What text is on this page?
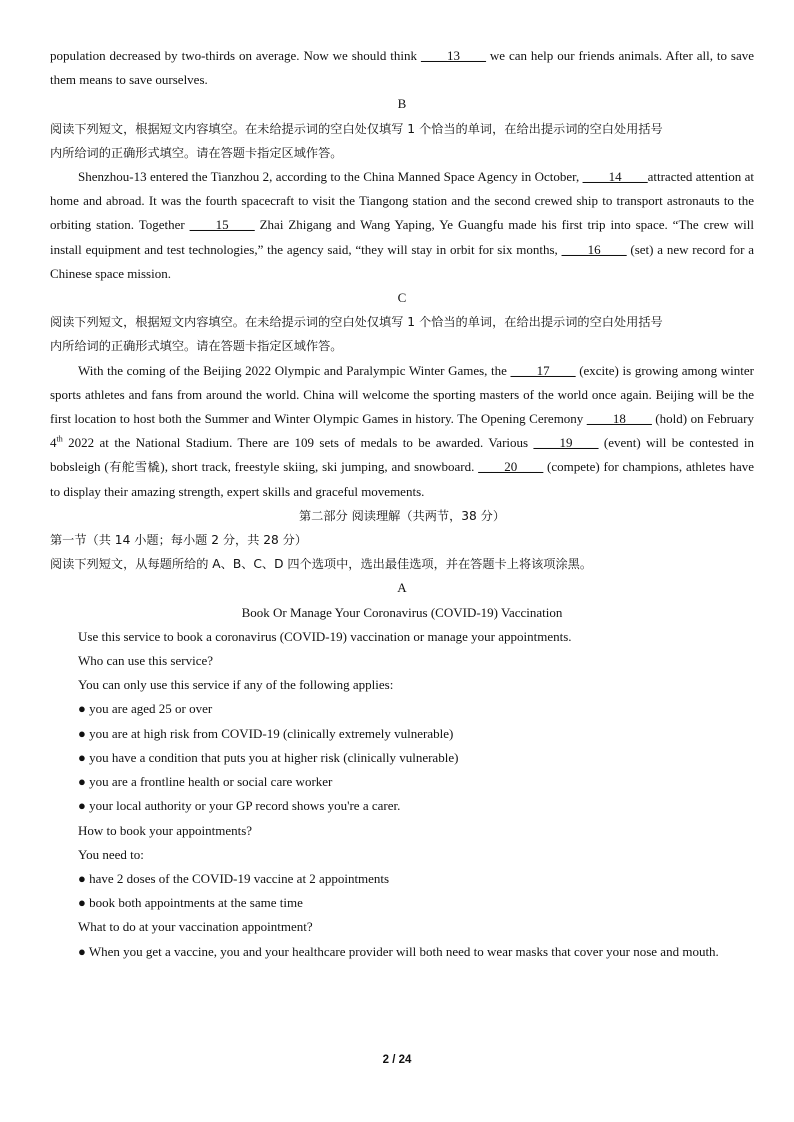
population decreased by two-thirds on average. Now we should think ____13____ we can help our friends animals. After all, to save them means to save ourselves.

B

阅读下列短文，根据短文内容填空。在未给提示词的空白处仅填写 1 个恰当的单词，在给出提示词的空白处用括号

内所给词的正确形式填空。请在答题卡指定区域作答。

Shenzhou-13 entered the Tianzhou 2, according to the China Manned Space Agency in October, ____14____attracted attention at home and abroad. It was the fourth spacecraft to visit the Tiangong station and the second crewed ship to transport astronauts to the orbiting station. Together ____15____ Zhai Zhigang and Wang Yaping, Ye Guangfu made his first trip into space. “The crew will install equipment and test technologies,” the agency said, “they will stay in orbit for six months, ____16____ (set) a new record for a Chinese space mission.

C

阅读下列短文，根据短文内容填空。在未给提示词的空白处仅填写 1 个恰当的单词，在给出提示词的空白处用括号

内所给词的正确形式填空。请在答题卡指定区域作答。

With the coming of the Beijing 2022 Olympic and Paralympic Winter Games, the ____17____ (excite) is growing among winter sports athletes and fans from around the world. China will welcome the sporting masters of the world once again. Beijing will be the first location to host both the Summer and Winter Olympic Games in history. The Opening Ceremony ____18____ (hold) on February 4th 2022 at the National Stadium. There are 109 sets of medals to be awarded. Various ____19____ (event) will be contested in bobsleigh (有舵雪橇), short track, freestyle skiing, ski jumping, and snowboard. ____20____ (compete) for champions, athletes have to display their amazing strength, expert skills and graceful movements.

第二部分 阅读理解（共两节，38 分）

第一节（共 14 小题；每小题 2 分，共 28 分）

阅读下列短文，从每题所给的 A、B、C、D 四个选项中，选出最佳选项，并在答题卡上将该项涂黑。

A

Book Or Manage Your Coronavirus (COVID-19) Vaccination

Use this service to book a coronavirus (COVID-19) vaccination or manage your appointments.

Who can use this service?

You can only use this service if any of the following applies:

● you are aged 25 or over

● you are at high risk from COVID-19 (clinically extremely vulnerable)

● you have a condition that puts you at higher risk (clinically vulnerable)

● you are a frontline health or social care worker

● your local authority or your GP record shows you're a carer.

How to book your appointments?

You need to:

● have 2 doses of the COVID-19 vaccine at 2 appointments

● book both appointments at the same time

What to do at your vaccination appointment?

● When you get a vaccine, you and your healthcare provider will both need to wear masks that cover your nose and mouth.

2 / 24
